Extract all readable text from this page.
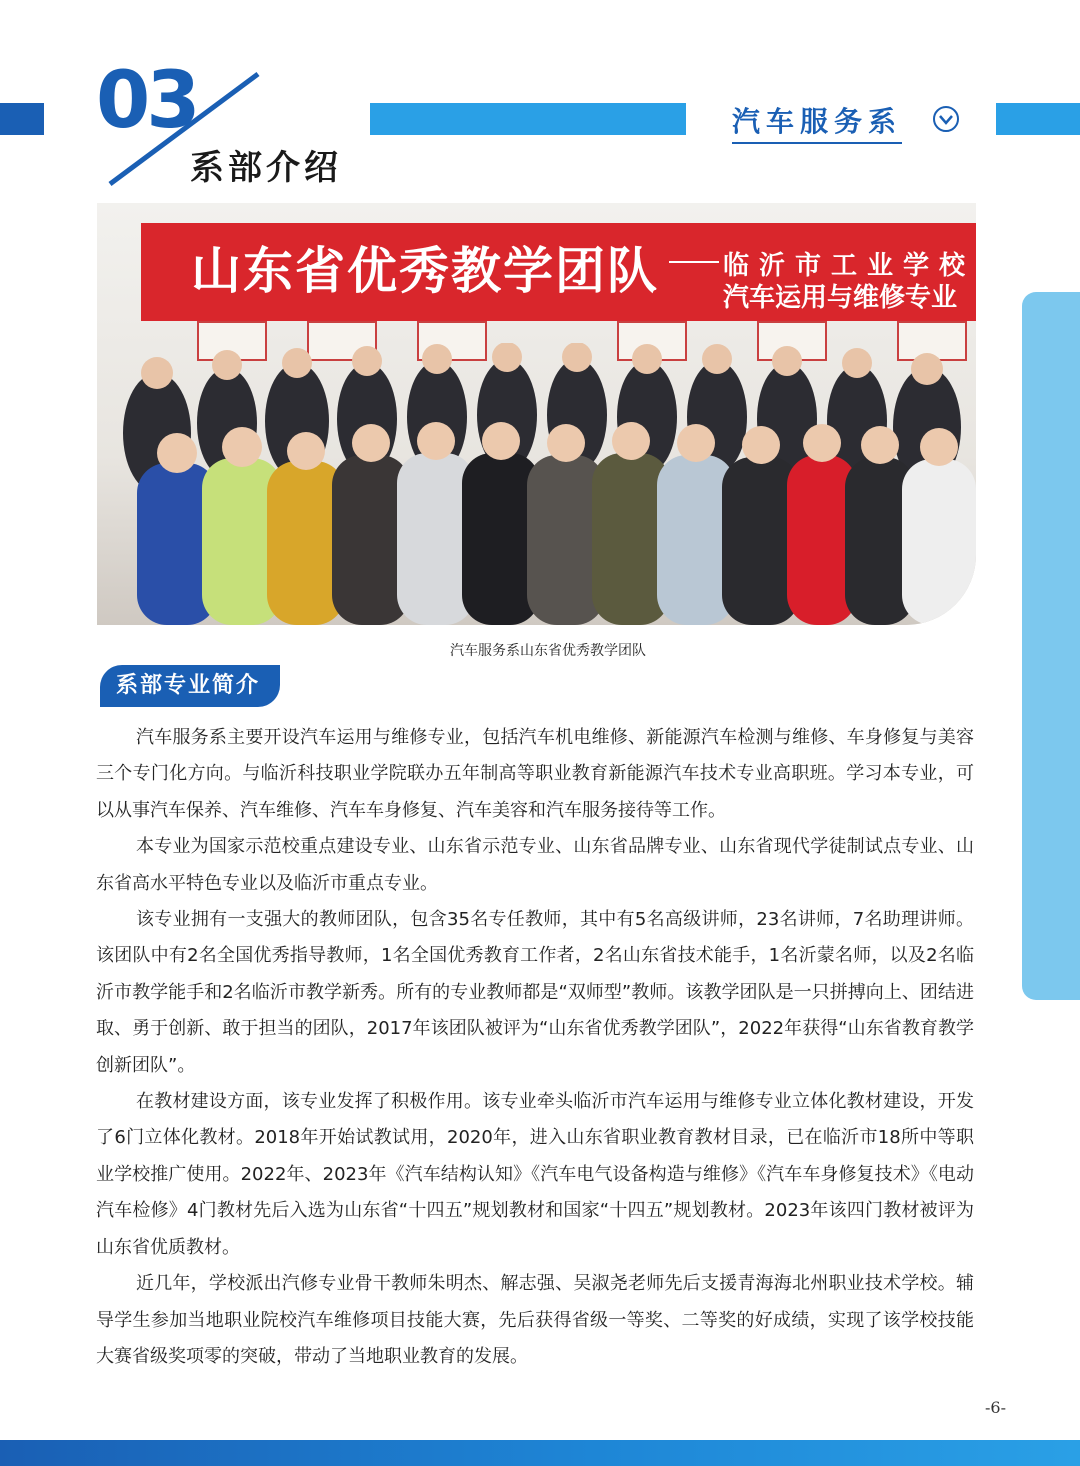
03
系部介绍
汽车服务系
山东省优秀教学团队 临沂市工业学校
汽车运用与维修专业
汽车服务系山东省优秀教学团队
系部专业简介

汽车服务系主要开设汽车运用与维修专业，包括汽车机电维修、新能源汽车检测与维修、车身修复与美容三个专门化方向。与临沂科技职业学院联办五年制高等职业教育新能源汽车技术专业高职班。学习本专业，可以从事汽车保养、汽车维修、汽车车身修复、汽车美容和汽车服务接待等工作。

本专业为国家示范校重点建设专业、山东省示范专业、山东省品牌专业、山东省现代学徒制试点专业、山东省高水平特色专业以及临沂市重点专业。

该专业拥有一支强大的教师团队，包含35名专任教师，其中有5名高级讲师，23名讲师，7名助理讲师。该团队中有2名全国优秀指导教师，1名全国优秀教育工作者，2名山东省技术能手，1名沂蒙名师，以及2名临沂市教学能手和2名临沂市教学新秀。所有的专业教师都是“双师型”教师。该教学团队是一只拼搏向上、团结进取、勇于创新、敢于担当的团队，2017年该团队被评为“山东省优秀教学团队”，2022年获得“山东省教育教学创新团队”。

在教材建设方面，该专业发挥了积极作用。该专业牵头临沂市汽车运用与维修专业立体化教材建设，开发了6门立体化教材。2018年开始试教试用，2020年，进入山东省职业教育教材目录，已在临沂市18所中等职业学校推广使用。2022年、2023年《汽车结构认知》《汽车电气设备构造与维修》《汽车车身修复技术》《电动汽车检修》4门教材先后入选为山东省“十四五”规划教材和国家“十四五”规划教材。2023年该四门教材被评为山东省优质教材。

近几年，学校派出汽修专业骨干教师朱明杰、解志强、吴淑尧老师先后支援青海海北州职业技术学校。辅导学生参加当地职业院校汽车维修项目技能大赛，先后获得省级一等奖、二等奖的好成绩，实现了该学校技能大赛省级奖项零的突破，带动了当地职业教育的发展。

-6-
